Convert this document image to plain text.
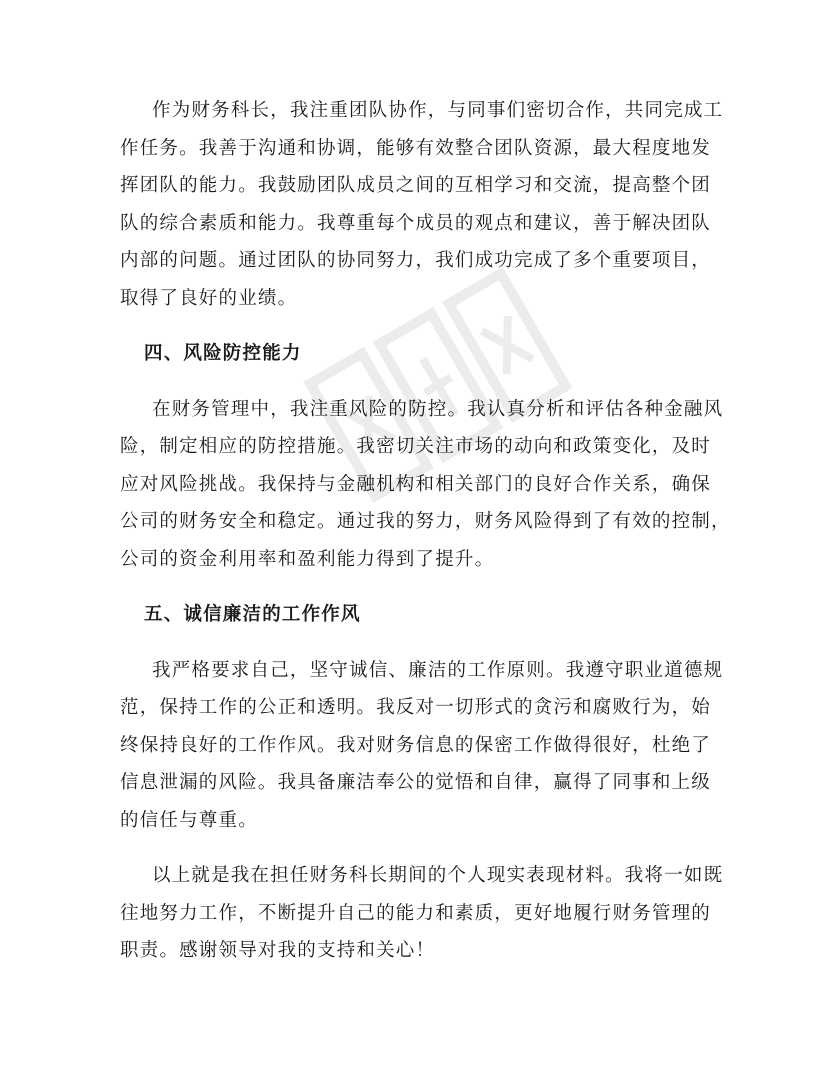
作为财务科长，我注重团队协作，与同事们密切合作，共同完成工
作任务。我善于沟通和协调，能够有效整合团队资源，最大程度地发
挥团队的能力。我鼓励团队成员之间的互相学习和交流，提高整个团
队的综合素质和能力。我尊重每个成员的观点和建议，善于解决团队
内部的问题。通过团队的协同努力，我们成功完成了多个重要项目，
取得了良好的业绩。

四、风险防控能力

在财务管理中，我注重风险的防控。我认真分析和评估各种金融风
险，制定相应的防控措施。我密切关注市场的动向和政策变化，及时
应对风险挑战。我保持与金融机构和相关部门的良好合作关系，确保
公司的财务安全和稳定。通过我的努力，财务风险得到了有效的控制，
公司的资金利用率和盈利能力得到了提升。

五、诚信廉洁的工作作风

我严格要求自己，坚守诚信、廉洁的工作原则。我遵守职业道德规
范，保持工作的公正和透明。我反对一切形式的贪污和腐败行为，始
终保持良好的工作作风。我对财务信息的保密工作做得很好，杜绝了
信息泄漏的风险。我具备廉洁奉公的觉悟和自律，赢得了同事和上级
的信任与尊重。

以上就是我在担任财务科长期间的个人现实表现材料。我将一如既
往地努力工作，不断提升自己的能力和素质，更好地履行财务管理的
职责。感谢领导对我的支持和关心！
